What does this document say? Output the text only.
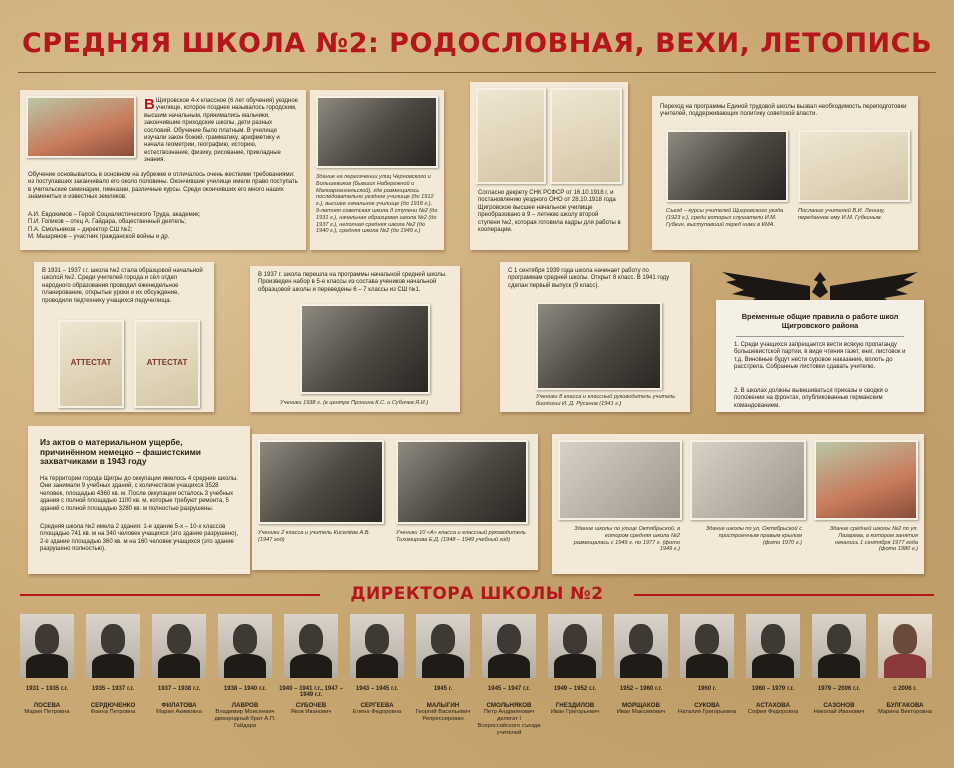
СРЕДНЯЯ ШКОЛА №2: РОДОСЛОВНАЯ, ВЕХИ, ЛЕТОПИСЬ
В Щигровское 4-х классное (6 лет обучения) уездное училище, которое позднее называлось городским, высшим начальным, принимались мальчики, закончившие приходские школы, дети разных сословий. Обучение было платным. В училище изучали закон божий, грамматику, арифметику и начала геометрии, географию, историю, естествознание, физику, рисование, прикладные знания.
Обучение основывалось в основном на зубрежке и отличалось очень жесткими требованиями: из поступавших заканчивало его около половины. Окончившие училище имели право поступать в учительские семинарии, гимназии, различные курсы. Среди окончивших его много наших знаменитых и известных земляков:
А.И. Евдокимов – Герой Социалистического Труда, академик;
П.И. Голиков – отец А. Гайдара, общественный деятель;
П.А. Смольников – директор СШ №2;
М. Мышрянов – участник гражданской войны и др.
Здание на пересечении улиц Черновского и Большевиков (бывших Набережной и Малоархангельской), где размещалось последовательно уездное училище (до 1912 г.), высшее начальное училище (до 1918 г.), 9-летняя советская школа II ступени №2 (до 1931 г.), начальная образцовая школа №2 (до 1937 г.), неполная средняя школа №2 (до 1940 г.), средняя школа №2 (до 1949 г.)
Согласно декрету СНК РСФСР от 16.10.1918 г. и постановлению уездного ОНО от 28.10.1918 года Щигровское высшее начальное училище преобразовано в 9 – летнюю школу второй ступени №2, которая готовила кадры для работы в кооперации.
Переход на программы Единой трудовой школы вызвал необходимость переподготовки учителей, поддерживающих политику советской власти.
Съезд – курсы учителей Щигровского уезда (1923 г.), среди которых слушатели И.М. Губкин, выступавший перед ними в КМА.
Послание учителей В.И. Ленину, переданное ему И.М. Губкиным.
В 1931 – 1937 г.г. школа №2 стала образцовой начальной школой №2. Среди учителей города и сёл отдел народного образования проводил еженедельное планирование, открытые уроки и их обсуждение, проводили педтехнику учащихся педучилища.
АТТЕСТАТ	АТТЕСТАТ
В 1937 г. школа перешла на программы начальной средней школы. Произведен набор в 5-е классы из состава учеников начальной образцовой школы и переведены 6 – 7 классы из СШ №1.
Ученики 1938 г. (в центре Пронина К.С. и Субочев Я.И.)
С 1 сентября 1939 года школа начинает работу по программам средней школы. Открыт 8 класс. В 1941 году сделан первый выпуск (9 класс).
Ученики 8 класса и классный руководитель учитель биологии И. Д. Русанов (1941 г.)
Временные общие правила о работе школ Щигровского района
1. Среди учащихся запрещается вести всякую пропаганду большевистской партии, в виде чтения газет, книг, листовок и т.д. Виновные будут нести суровое наказание, вплоть до расстрела. Собранные листовки сдавать учителю.
2. В школах должны вывешиваться приказы и сводки о положении на фронтах, опубликованные германским командованием.
Из актов о материальном ущербе, причинённом немецко – фашистскими захватчиками в 1943 году
На территории города Щигры до оккупации имелось 4 средние школы. Они занимали 9 учебных зданий, с количеством учащихся 3528 человек, площадью 4360 кв. м. После оккупации осталось 3 учебных здания с полной площадью 1100 кв. м, которые требуют ремонта, 5 зданий с полной площадью 3280 кв. м полностью разрушены.
Средняя школа №2 имела 2 здания: 1-е здание 5-х – 10-х классов площадью 741 кв. м на 340 человек учащихся (это здание разрушено), 2-е здание площадью 360 кв. м на 160 человек учащихся (это здание разрушено полностью).
Ученики 2 класса и учитель Киселёва А.В. (1947 год)
Ученики 10 «А» класса и классный руководитель Тихомирова Е.Д. (1948 – 1949 учебный год)
Здание школы по улице Октябрьской, в котором средняя школа №2 размещалась с 1949 г. по 1977 г. (фото 1949 г.)
Здание школы по ул. Октябрьской с пристроенным правым крылом (фото 1970 г.)
Здание средней школы №2 по ул. Лазарева, в котором занятия начались 1 сентября 1977 года (фото 1980 г.)
ДИРЕКТОРА ШКОЛЫ №2
1931 – 1935 г.г.
ЛОСЕВА
Мария Петровна
1935 – 1937 г.г.
СЕРДЮЧЕНКО
Фаина Петровна
1937 – 1938 г.г.
ФИЛАТОВА
Мария Акимовна
1938 – 1940 г.г.
ЛАВРОВ
Владимир Моисеевич двоюродный брат А.П. Гайдара
1940 – 1941 г.г., 1947 – 1949 г.г.
СУБОЧЕВ
Яков Иванович
1943 – 1945 г.г.
СЕРГЕЕВА
Елена Федоровна
1945 г.
МАЛЫГИН
Георгий Васильевич Репрессирован
1945 – 1947 г.г.
СМОЛЬНЯКОВ
Петр Андриянович делегат I Всероссийского съезда учителей
1949 – 1952 г.г.
ГНЕЗДИЛОВ
Иван Григорьевич
1952 – 1960 г.г.
МОРЩАКОВ
Иван Максимович
1960 г.
СУКОВА
Наталия Григорьевна
1960 – 1979 г.г.
АСТАХОВА
София Федоровна
1979 – 2006 г.г.
САЗОНОВ
Николай Иванович
с 2006 г.
БУЛГАКОВА
Марина Викторовна
